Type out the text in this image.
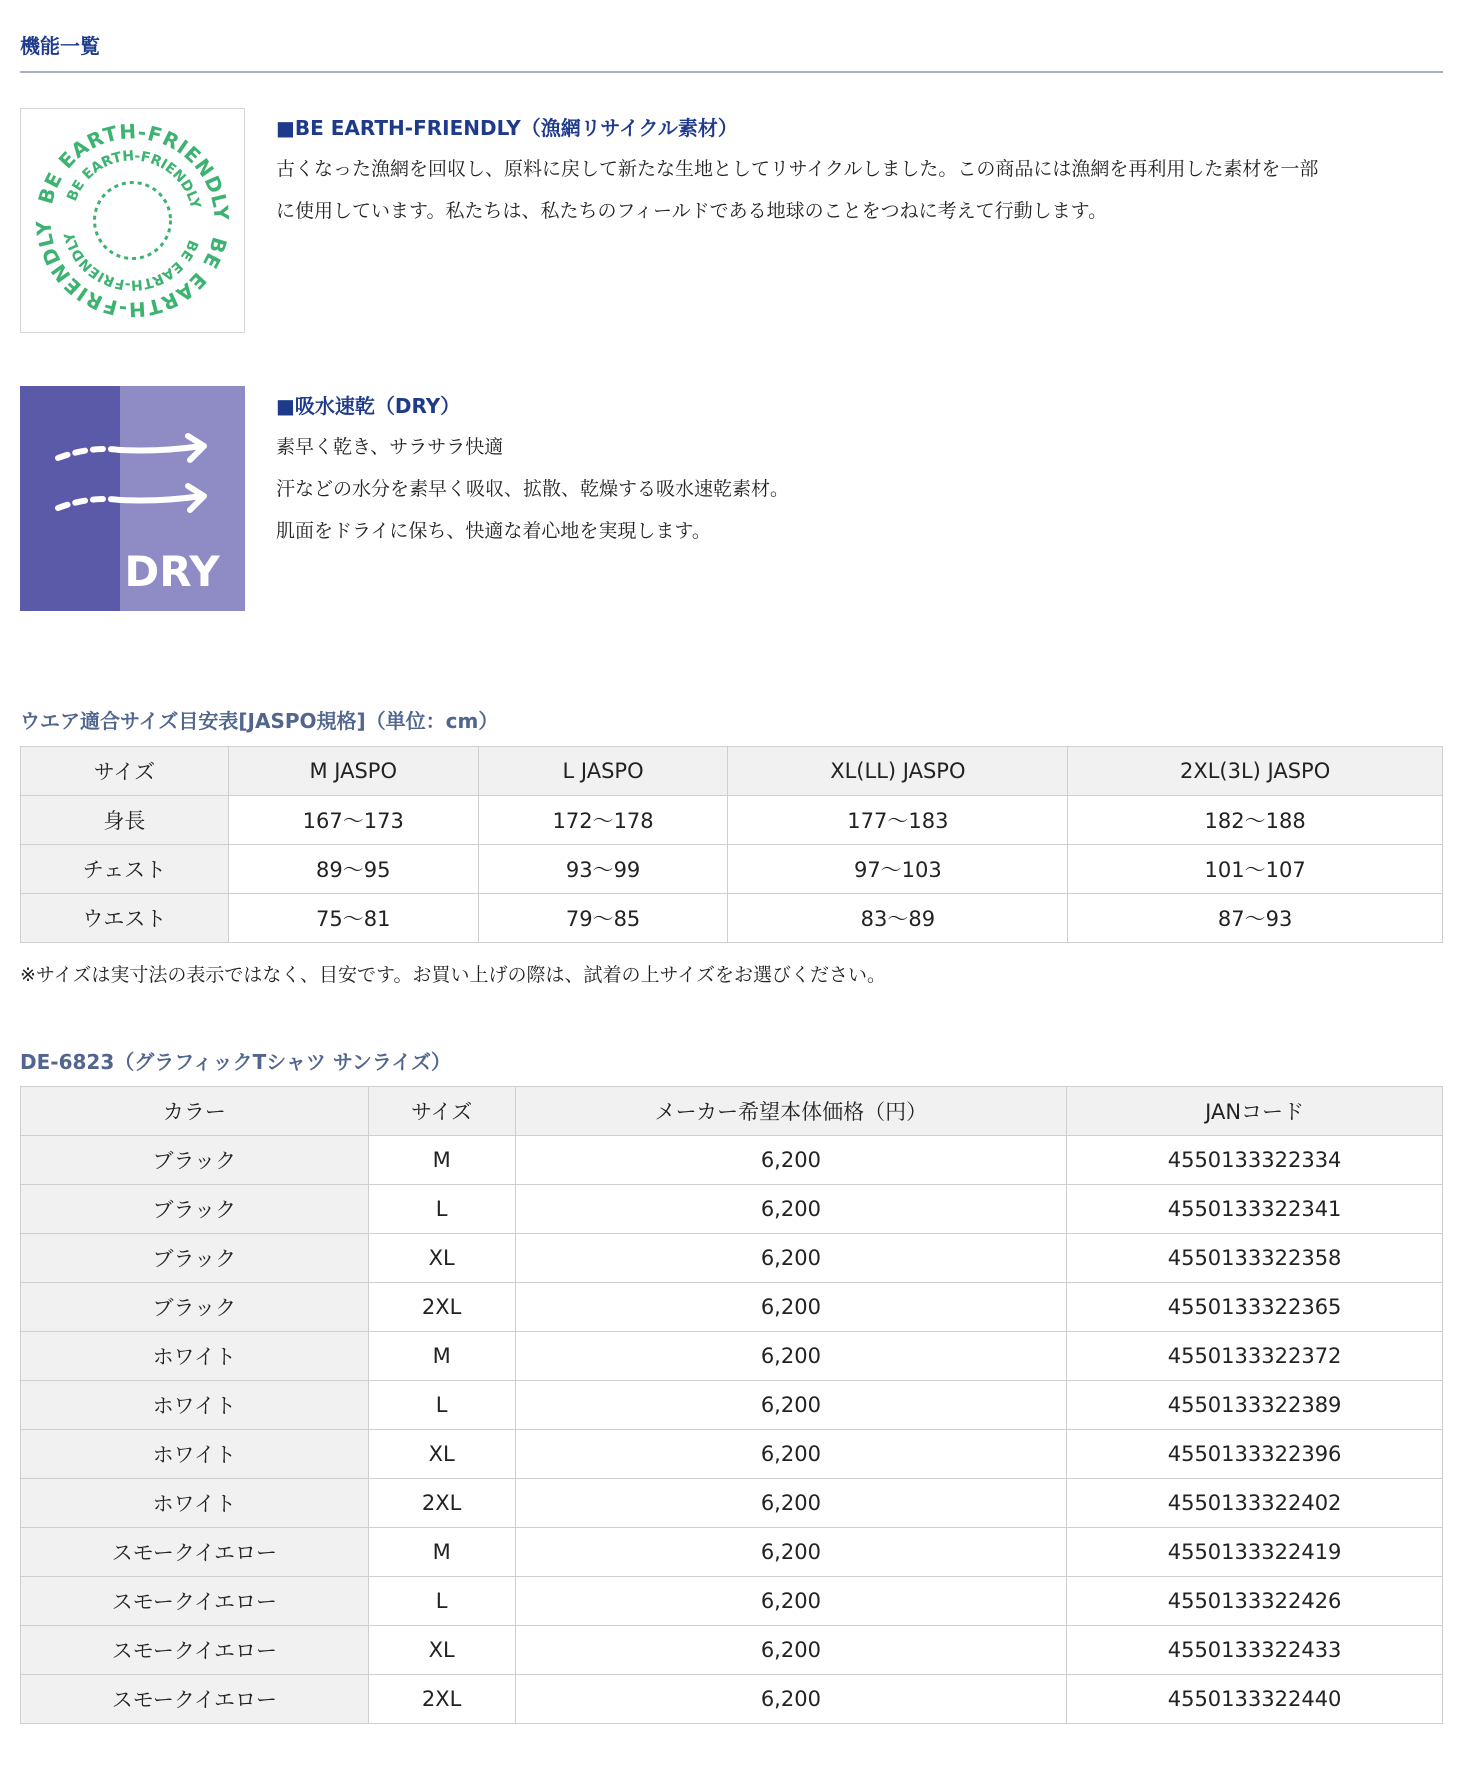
機能一覧
BE EARTH-FRIENDLY
BE EARTH-FRIENDLY
BE EARTH-FRIENDLY
BE EARTH-FRIENDLY
■BE EARTH-FRIENDLY（漁網リサイクル素材）
古くなった漁網を回収し、原料に戻して新たな生地としてリサイクルしました。この商品には漁網を再利用した素材を一部
に使用しています。私たちは、私たちのフィールドである地球のことをつねに考えて行動します。
DRY
■吸水速乾（DRY）
素早く乾き、サラサラ快適
汗などの水分を素早く吸収、拡散、乾燥する吸水速乾素材。
肌面をドライに保ち、快適な着心地を実現します。
ウエア適合サイズ目安表[JASPO規格]（単位：cm）
サイズ	M JASPO	L JASPO	XL(LL) JASPO	2XL(3L) JASPO
身長	167〜173	172〜178	177〜183	182〜188
チェスト	89〜95	93〜99	97〜103	101〜107
ウエスト	75〜81	79〜85	83〜89	87〜93
※サイズは実寸法の表示ではなく、目安です。お買い上げの際は、試着の上サイズをお選びください。
DE-6823（グラフィックTシャツ サンライズ）
カラー	サイズ	メーカー希望本体価格（円）	JANコード
ブラック	M	6,200	4550133322334
ブラック	L	6,200	4550133322341
ブラック	XL	6,200	4550133322358
ブラック	2XL	6,200	4550133322365
ホワイト	M	6,200	4550133322372
ホワイト	L	6,200	4550133322389
ホワイト	XL	6,200	4550133322396
ホワイト	2XL	6,200	4550133322402
スモークイエロー	M	6,200	4550133322419
スモークイエロー	L	6,200	4550133322426
スモークイエロー	XL	6,200	4550133322433
スモークイエロー	2XL	6,200	4550133322440
